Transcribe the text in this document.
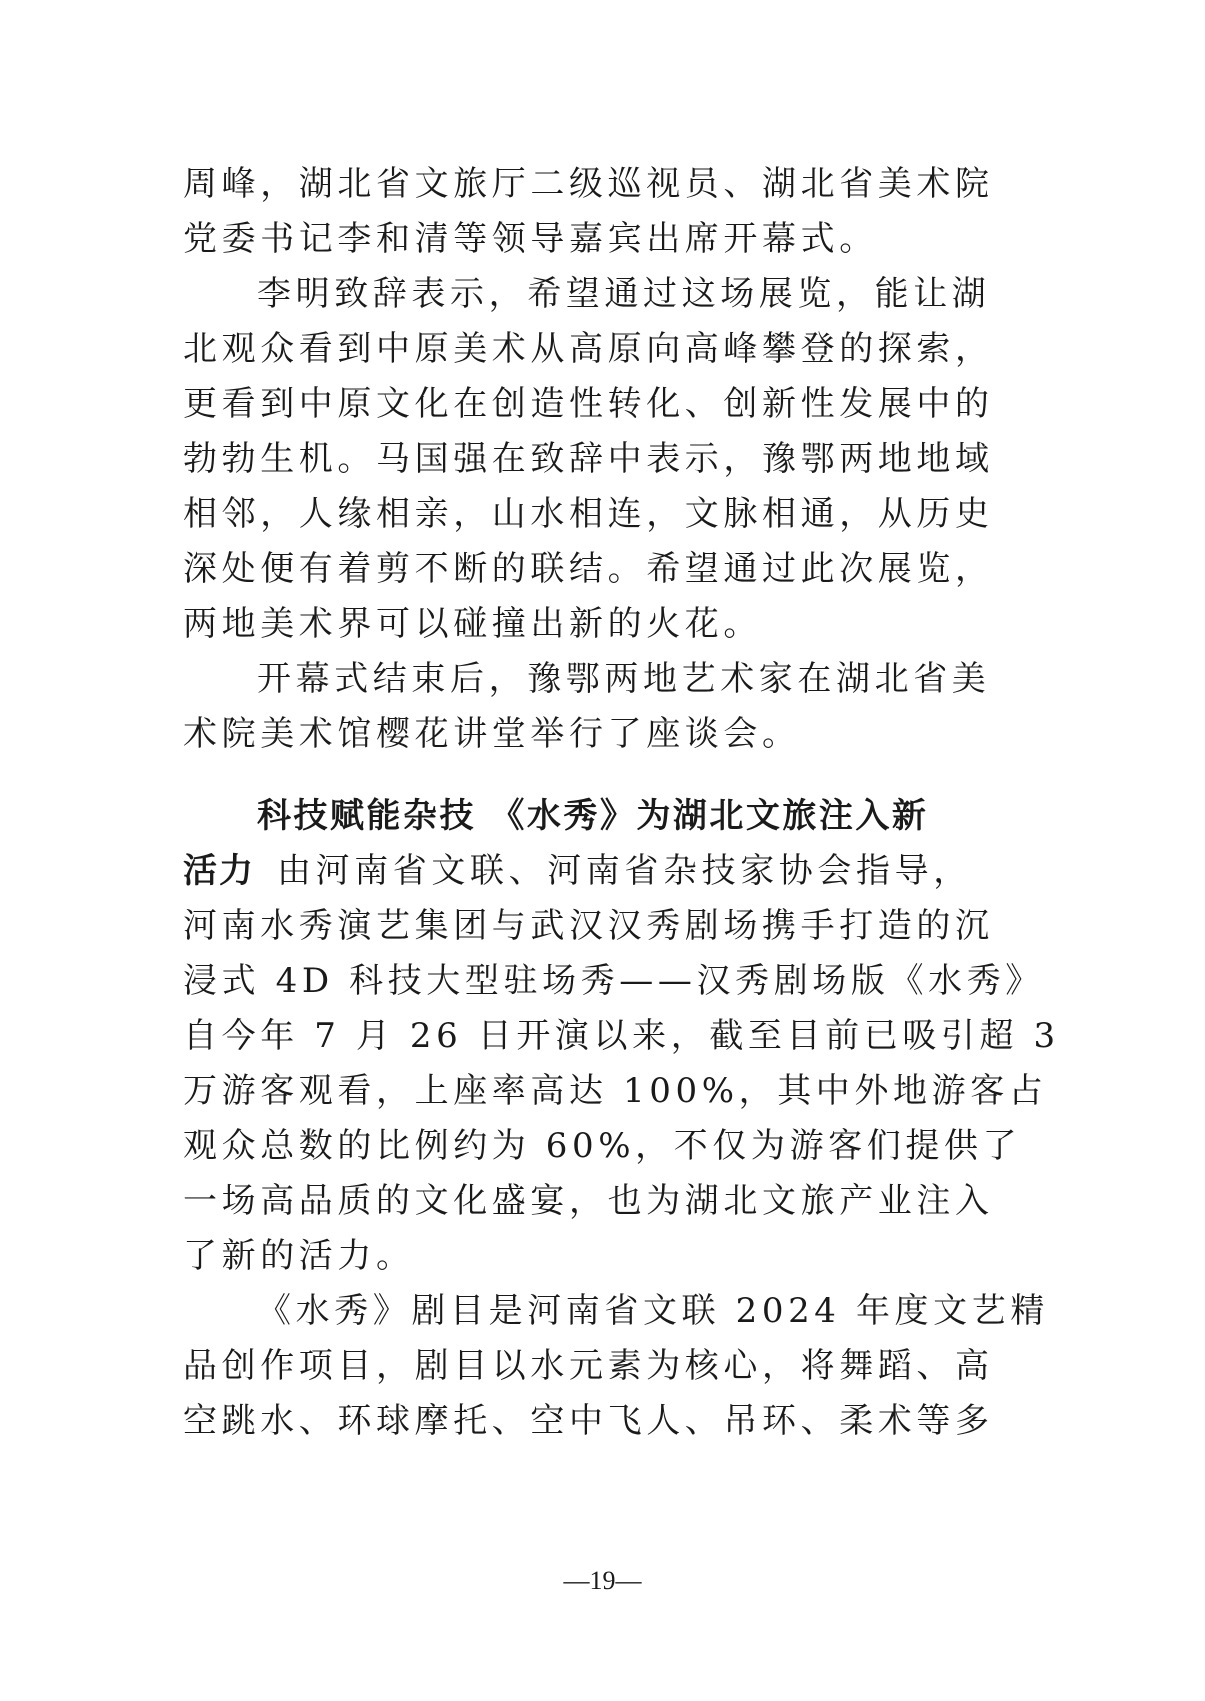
周峰，湖北省文旅厅二级巡视员、湖北省美术院
党委书记李和清等领导嘉宾出席开幕式。
李明致辞表示，希望通过这场展览，能让湖
北观众看到中原美术从高原向高峰攀登的探索，
更看到中原文化在创造性转化、创新性发展中的
勃勃生机。马国强在致辞中表示，豫鄂两地地域
相邻，人缘相亲，山水相连，文脉相通，从历史
深处便有着剪不断的联结。希望通过此次展览，
两地美术界可以碰撞出新的火花。
开幕式结束后，豫鄂两地艺术家在湖北省美
术院美术馆樱花讲堂举行了座谈会。
科技赋能杂技 《水秀》为湖北文旅注入新
活力 由河南省文联、河南省杂技家协会指导，
河南水秀演艺集团与武汉汉秀剧场携手打造的沉
浸式 4D 科技大型驻场秀——汉秀剧场版《水秀》
自今年 7 月 26 日开演以来，截至目前已吸引超 3
万游客观看，上座率高达 100%，其中外地游客占
观众总数的比例约为 60%，不仅为游客们提供了
一场高品质的文化盛宴，也为湖北文旅产业注入
了新的活力。
《水秀》剧目是河南省文联 2024 年度文艺精
品创作项目，剧目以水元素为核心，将舞蹈、高
空跳水、环球摩托、空中飞人、吊环、柔术等多
—19—
